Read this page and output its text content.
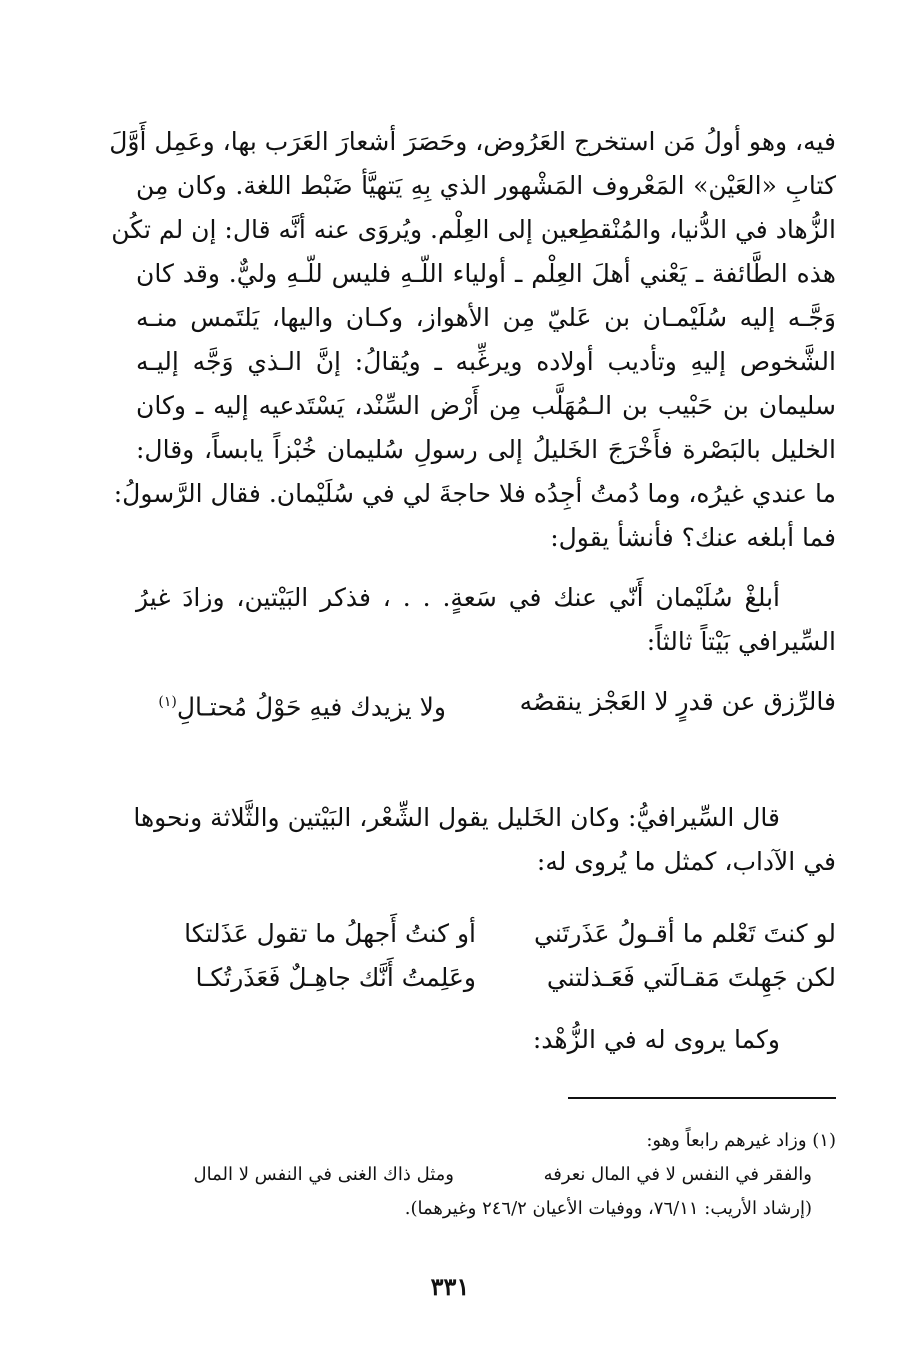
فيه، وهو أولُ مَن استخرج العَرُوض، وحَصَرَ أشعارَ العَرَب بها، وعَمِل أَوَّلَ
كتابِ «العَيْن» المَعْروف المَشْهور الذي بِهِ يَتهيَّأ ضَبْط اللغة. وكان مِن
الزُّهاد في الدُّنيا، والمُنْقطِعين إلى العِلْم. ويُروَى عنه أنَّه قال: إن لم تكُن
هذه الطَّائفة ـ يَعْني أهلَ العِلْم ـ أولياء اللّـهِ فليس للّـهِ وليٌّ. وقد كان
وَجَّـه إليه سُلَيْمـان بن عَليّ مِن الأهواز، وكـان واليها، يَلتَمس منـه
الشَّخوص إليهِ وتأديب أولاده ويرغِّبه ـ ويُقالُ: إنَّ الـذي وَجَّه إليـه
سليمان بن حَبْيب بن الـمُهَلَّب مِن أَرْض السِّنْد، يَسْتَدعيه إليه ـ وكان
الخليل بالبَصْرة فأَخْرَجَ الخَليلُ إلى رسولِ سُليمان خُبْزاً يابساً، وقال:
ما عندي غيرُه، وما دُمتُ أجِدُه فلا حاجةَ لي في سُلَيْمان. فقال الرَّسولُ:
فما أبلغه عنك؟ فأنشأ يقول:
أبلغْ سُلَيْمان أَنّي عنك في سَعةٍ. . . ، فذكر البَيْتين، وزادَ غيرُ
السِّيرافي بَيْتاً ثالثاً:
فالرِّزق عن قدرٍ لا العَجْز ينقصُه
ولا يزيدك فيهِ حَوْلُ مُحتـالِ$^{(١)}$
قال السِّيرافيُّ: وكان الخَليل يقول الشِّعْر، البَيْتين والثَّلاثة ونحوها
في الآداب، كمثل ما يُروى له:
لو كنتَ تَعْلم ما أقـولُ عَذَرتَني
أو كنتُ أَجهلُ ما تقول عَذَلتكا
لكن جَهِلتَ مَقـالَتي فَعَـذلتني
وعَلِمتُ أَنَّك جاهِـلٌ فَعَذَرتُكـا
وكما يروى له في الزُّهْد:
(١) وزاد غيرهم رابعاً وهو:
والفقر في النفس لا في المال نعرفه
ومثل ذاك الغنى في النفس لا المال
(إرشاد الأريب: ٧٦/١١، ووفيات الأعيان ٢٤٦/٢ وغيرهما).
٣٣١
